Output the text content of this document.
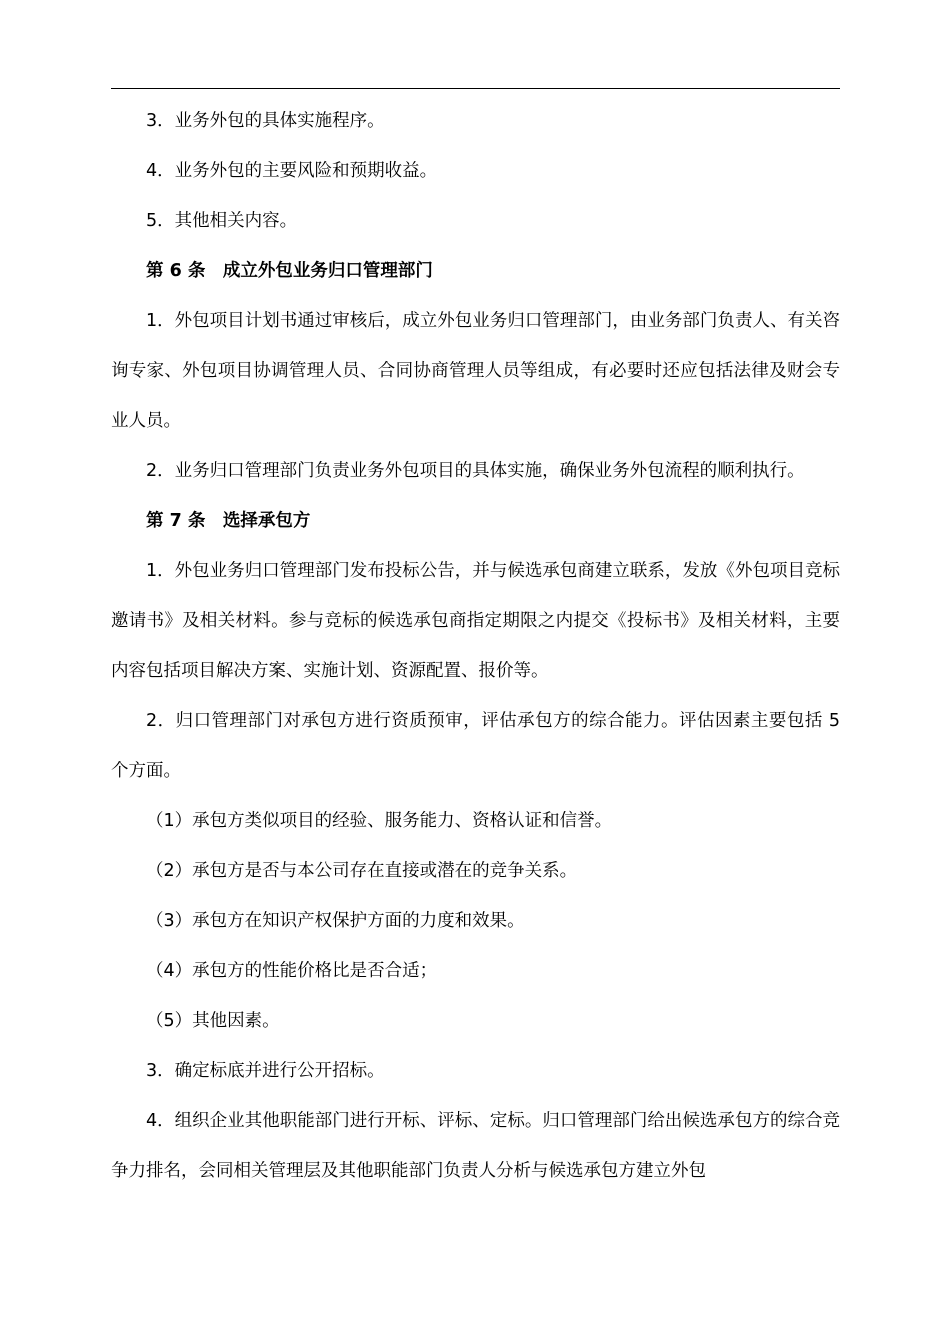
3．业务外包的具体实施程序。

4．业务外包的主要风险和预期收益。

5．其他相关内容。

第 6 条　成立外包业务归口管理部门

1．外包项目计划书通过审核后，成立外包业务归口管理部门，由业务部门负责人、有关咨询专家、外包项目协调管理人员、合同协商管理人员等组成，有必要时还应包括法律及财会专业人员。

2．业务归口管理部门负责业务外包项目的具体实施，确保业务外包流程的顺利执行。

第 7 条　选择承包方

1．外包业务归口管理部门发布投标公告，并与候选承包商建立联系，发放《外包项目竞标邀请书》及相关材料。参与竞标的候选承包商指定期限之内提交《投标书》及相关材料，主要内容包括项目解决方案、实施计划、资源配置、报价等。

2．归口管理部门对承包方进行资质预审，评估承包方的综合能力。评估因素主要包括 5 个方面。

（1）承包方类似项目的经验、服务能力、资格认证和信誉。

（2）承包方是否与本公司存在直接或潜在的竞争关系。

（3）承包方在知识产权保护方面的力度和效果。

（4）承包方的性能价格比是否合适；

（5）其他因素。

3．确定标底并进行公开招标。

4．组织企业其他职能部门进行开标、评标、定标。归口管理部门给出候选承包方的综合竞争力排名，会同相关管理层及其他职能部门负责人分析与候选承包方建立外包
